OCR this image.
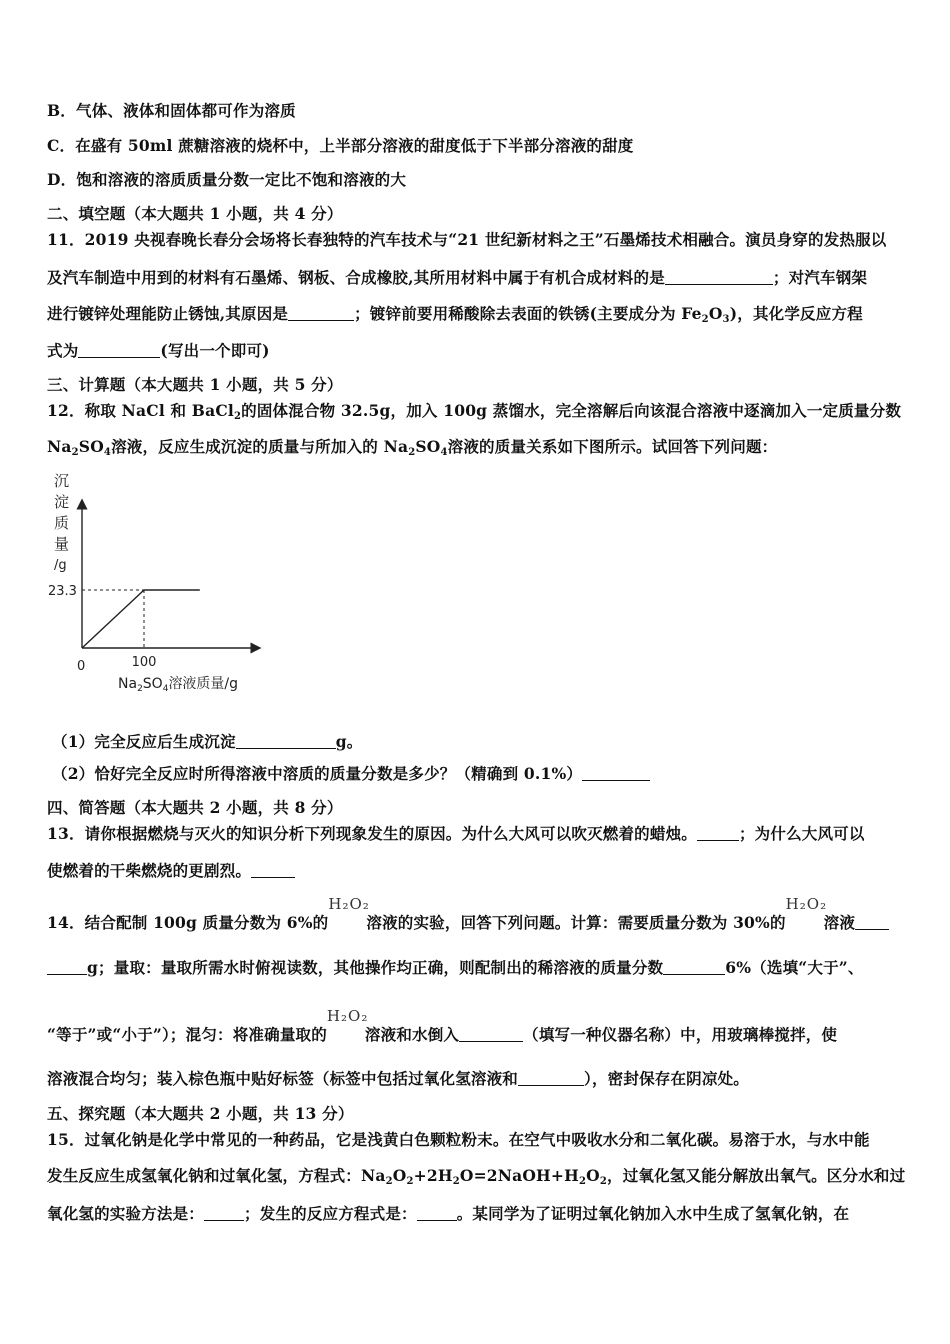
B．气体、液体和固体都可作为溶质
C．在盛有 50ml 蔗糖溶液的烧杯中，上半部分溶液的甜度低于下半部分溶液的甜度
D．饱和溶液的溶质质量分数一定比不饱和溶液的大
二、填空题（本大题共 1 小题，共 4 分）
11．2019 央视春晚长春分会场将长春独特的汽车技术与“21 世纪新材料之王”石墨烯技术相融合。演员身穿的发热服以
及汽车制造中用到的材料有石墨烯、钢板、合成橡胶,其所用材料中属于有机合成材料的是	；对汽车钢架
进行镀锌处理能防止锈蚀,其原因是	；镀锌前要用稀酸除去表面的铁锈(主要成分为 $Fe_2O_3$)，其化学反应方程
式为	(写出一个即可)
三、计算题（本大题共 1 小题，共 5 分）
12．称取 NaCl 和 BaCl$_2$的固体混合物 32.5g，加入 100g 蒸馏水，完全溶解后向该混合溶液中逐滴加入一定质量分数
$Na_2SO_4$溶液，反应生成沉淀的质量与所加入的 $Na_2SO_4$溶液的质量关系如下图所示。试回答下列问题：
沉
淀
质
量
/g
23.3
100
0
$Na_2SO_4$溶液质量/g
（1）完全反应后生成沉淀	g。
（2）恰好完全反应时所得溶液中溶质的质量分数是多少？（精确到 0.1%）
四、简答题（本大题共 2 小题，共 8 分）
13．请你根据燃烧与灭火的知识分析下列现象发生的原因。为什么大风可以吹灭燃着的蜡烛。	；为什么大风可以
使燃着的干柴燃烧的更剧烈。
14．结合配制 100g 质量分数为 6%的
H₂O₂
溶液的实验，回答下列问题。计算：需要质量分数为 30%的
H₂O₂
溶液
g；量取：量取所需水时俯视读数，其他操作均正确，则配制出的稀溶液的质量分数	6%（选填“大于”、
“等于”或“小于”）；混匀：将准确量取的
H₂O₂
溶液和水倒入	（填写一种仪器名称）中，用玻璃棒搅拌，使
溶液混合均匀；装入棕色瓶中贴好标签（标签中包括过氧化氢溶液和	），密封保存在阴凉处。
五、探究题（本大题共 2 小题，共 13 分）
15．过氧化钠是化学中常见的一种药品，它是浅黄白色颗粒粉末。在空气中吸收水分和二氧化碳。易溶于水，与水中能
发生反应生成氢氧化钠和过氧化氢，方程式：$Na_2O_2+2H_2O=2NaOH+H_2O_2$，过氧化氢又能分解放出氧气。区分水和过
氧化氢的实验方法是：	；发生的反应方程式是：	。某同学为了证明过氧化钠加入水中生成了氢氧化钠，在
